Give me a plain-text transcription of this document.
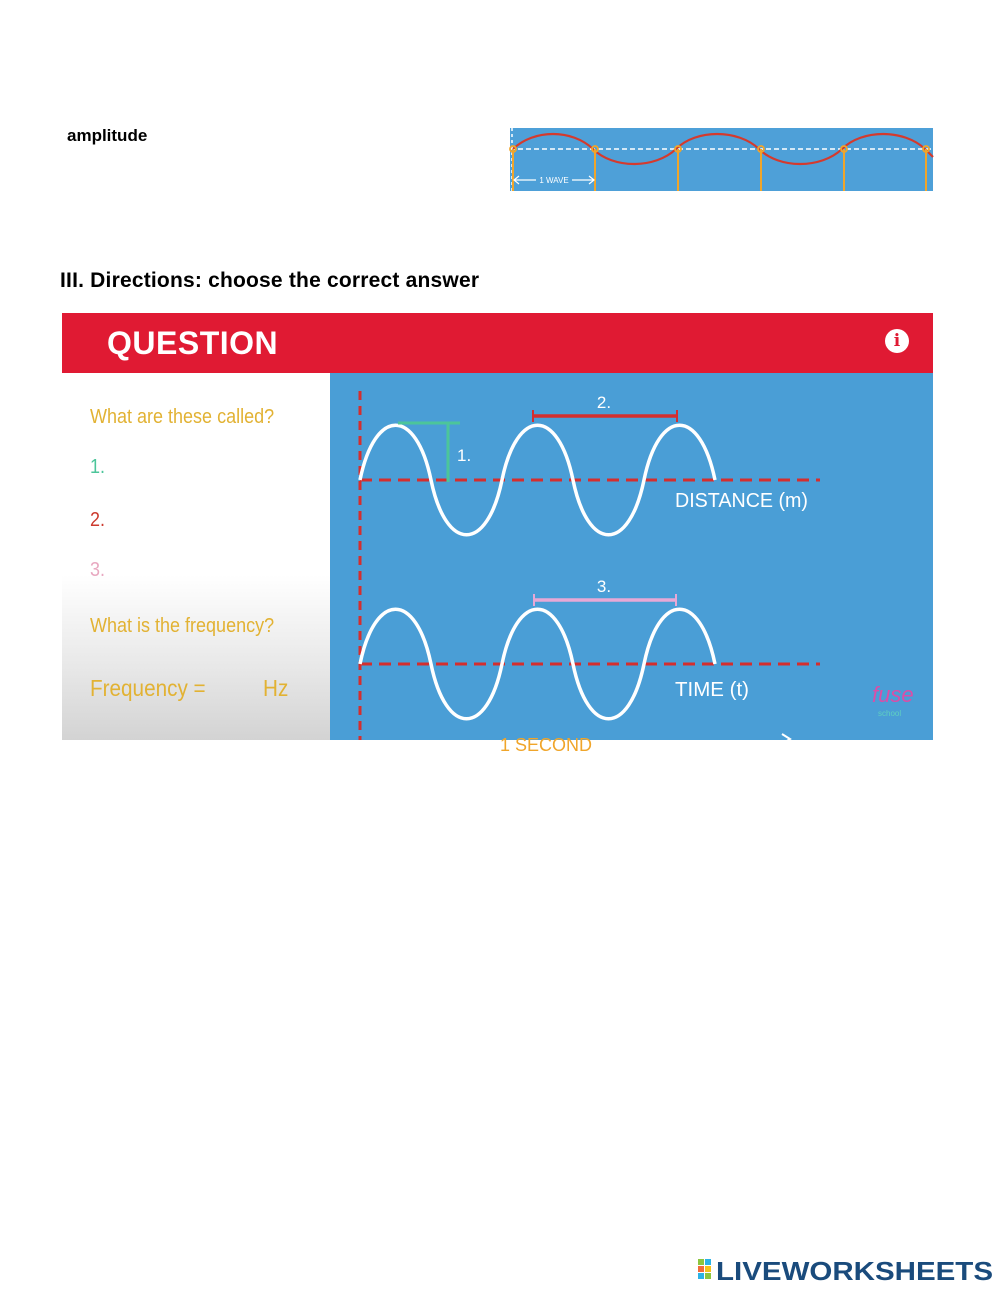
amplitude
1 WAVE
III. Directions: choose the correct answer
QUESTION	i
What are these called?
1.
2.
3.
What is the frequency?
Frequency = Hz
1.
2.
DISTANCE (m)
3.
TIME (t)
1 SECOND
fuse
school
LIVEWORKSHEETS
